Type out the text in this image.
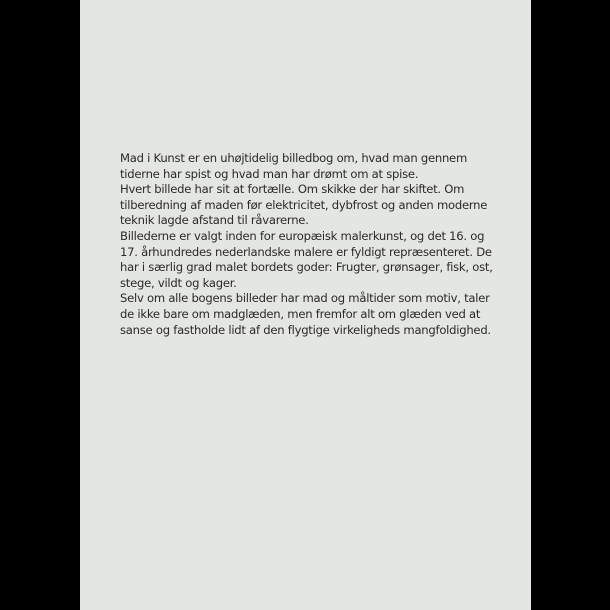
Mad i Kunst er en uhøjtidelig billedbog om, hvad man gennem
tiderne har spist og hvad man har drømt om at spise.
Hvert billede har sit at fortælle. Om skikke der har skiftet. Om
tilberedning af maden før elektricitet, dybfrost og anden moderne
teknik lagde afstand til råvarerne.
Billederne er valgt inden for europæisk malerkunst, og det 16. og
17. århundredes nederlandske malere er fyldigt repræsenteret. De
har i særlig grad malet bordets goder: Frugter, grønsager, fisk, ost,
stege, vildt og kager.
Selv om alle bogens billeder har mad og måltider som motiv, taler
de ikke bare om madglæden, men fremfor alt om glæden ved at
sanse og fastholde lidt af den flygtige virkeligheds mangfoldighed.
